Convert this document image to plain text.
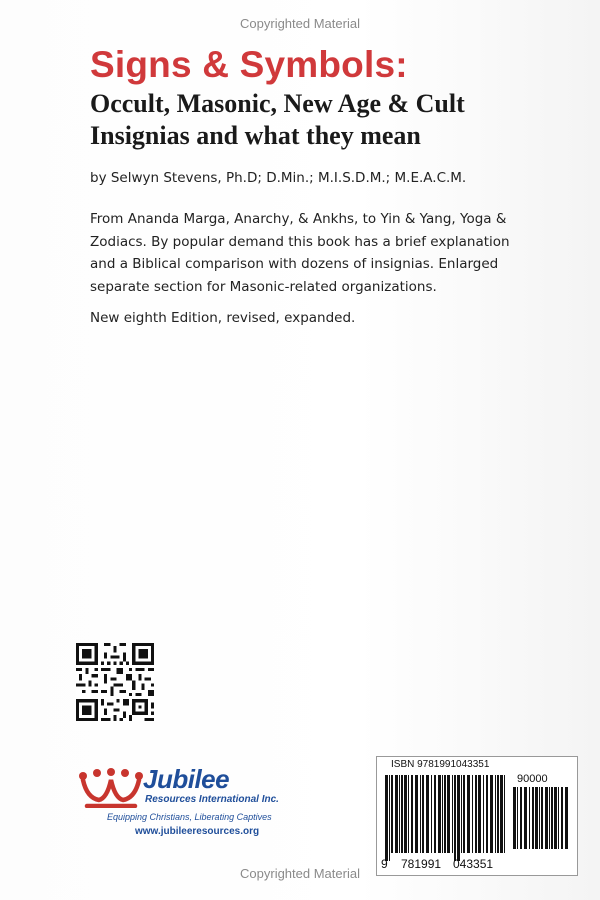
Copyrighted Material
Signs & Symbols:
Occult, Masonic, New Age & Cult
Insignias and what they mean
by Selwyn Stevens, Ph.D; D.Min.; M.I.S.D.M.; M.E.A.C.M.
From Ananda Marga, Anarchy, & Ankhs, to Yin & Yang, Yoga & Zodiacs. By popular demand this book has a brief explanation and a Biblical comparison with dozens of insignias. Enlarged separate section for Masonic-related organizations.
New eighth Edition, revised, expanded.
Jubilee
Resources International Inc.
Equipping Christians, Liberating Captives
www.jubileeresources.org
ISBN 9781991043351
90000
9 781991 043351
Copyrighted Material
